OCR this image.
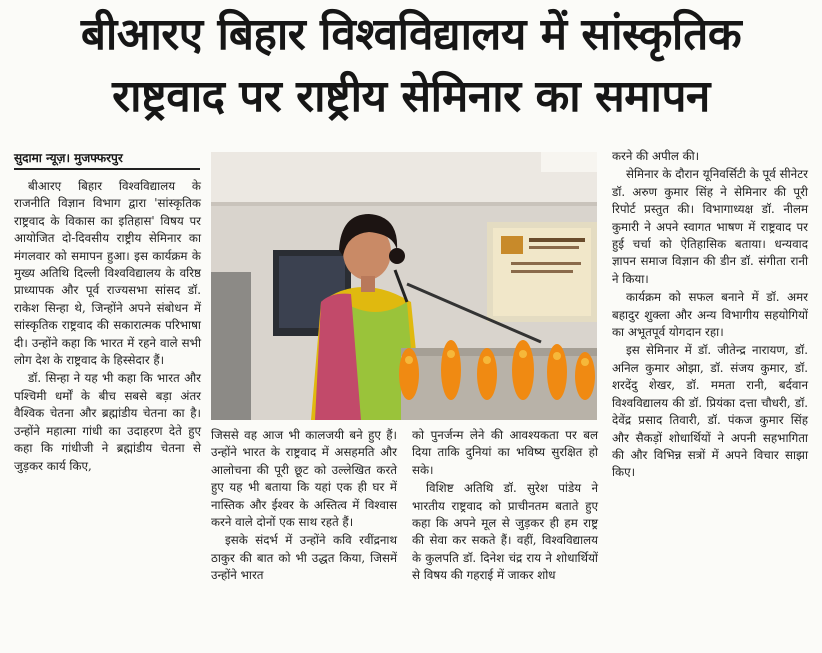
बीआरए बिहार विश्वविद्यालय में सांस्कृतिक
राष्ट्रवाद पर राष्ट्रीय सेमिनार का समापन
सुदामा न्यूज़। मुजफ्फरपुर

बीआरए बिहार विश्वविद्यालय के राजनीति विज्ञान विभाग द्वारा 'सांस्कृतिक राष्ट्रवाद के विकास का इतिहास' विषय पर आयोजित दो-दिवसीय राष्ट्रीय सेमिनार का मंगलवार को समापन हुआ। इस कार्यक्रम के मुख्य अतिथि दिल्ली विश्वविद्यालय के वरिष्ठ प्राध्यापक और पूर्व राज्यसभा सांसद डॉ. राकेश सिन्हा थे, जिन्होंने अपने संबोधन में सांस्कृतिक राष्ट्रवाद की सकारात्मक परिभाषा दी। उन्होंने कहा कि भारत में रहने वाले सभी लोग देश के राष्ट्रवाद के हिस्सेदार हैं।

डॉ. सिन्हा ने यह भी कहा कि भारत और पश्चिमी धर्मों के बीच सबसे बड़ा अंतर वैश्विक चेतना और ब्रह्मांडीय चेतना का है। उन्होंने महात्मा गांधी का उदाहरण देते हुए कहा कि गांधीजी ने ब्रह्मांडीय चेतना से जुड़कर कार्य किए,

जिससे वह आज भी कालजयी बने हुए हैं। उन्होंने भारत के राष्ट्रवाद में असहमति और आलोचना की पूरी छूट को उल्लेखित करते हुए यह भी बताया कि यहां एक ही घर में नास्तिक और ईश्वर के अस्तित्व में विश्वास करने वाले दोनों एक साथ रहते हैं।

इसके संदर्भ में उन्होंने कवि रवींद्रनाथ ठाकुर की बात को भी उद्धत किया, जिसमें उन्होंने भारत

को पुनर्जन्म लेने की आवश्यकता पर बल दिया ताकि दुनियां का भविष्य सुरक्षित हो सके।

विशिष्ट अतिथि डॉ. सुरेश पांडेय ने भारतीय राष्ट्रवाद को प्राचीनतम बताते हुए कहा कि अपने मूल से जुड़कर ही हम राष्ट्र की सेवा कर सकते हैं। वहीं, विश्वविद्यालय के कुलपति डॉ. दिनेश चंद्र राय ने शोधार्थियों से विषय की गहराई में जाकर शोध

करने की अपील की।

सेमिनार के दौरान यूनिवर्सिटी के पूर्व सीनेटर डॉ. अरुण कुमार सिंह ने सेमिनार की पूरी रिपोर्ट प्रस्तुत की। विभागाध्यक्ष डॉ. नीलम कुमारी ने अपने स्वागत भाषण में राष्ट्रवाद पर हुई चर्चा को ऐतिहासिक बताया। धन्यवाद ज्ञापन समाज विज्ञान की डीन डॉ. संगीता रानी ने किया।

कार्यक्रम को सफल बनाने में डॉ. अमर बहादुर शुक्ला और अन्य विभागीय सहयोगियों का अभूतपूर्व योगदान रहा।

इस सेमिनार में डॉ. जीतेन्द्र नारायण, डॉ. अनिल कुमार ओझा, डॉ. संजय कुमार, डॉ. शरदेंदु शेखर, डॉ. ममता रानी, बर्दवान विश्वविद्यालय की डॉ. प्रियंका दत्ता चौधरी, डॉ. देवेंद्र प्रसाद तिवारी, डॉ. पंकज कुमार सिंह और सैकड़ों शोधार्थियों ने अपनी सहभागिता की और विभिन्न सत्रों में अपने विचार साझा किए।
